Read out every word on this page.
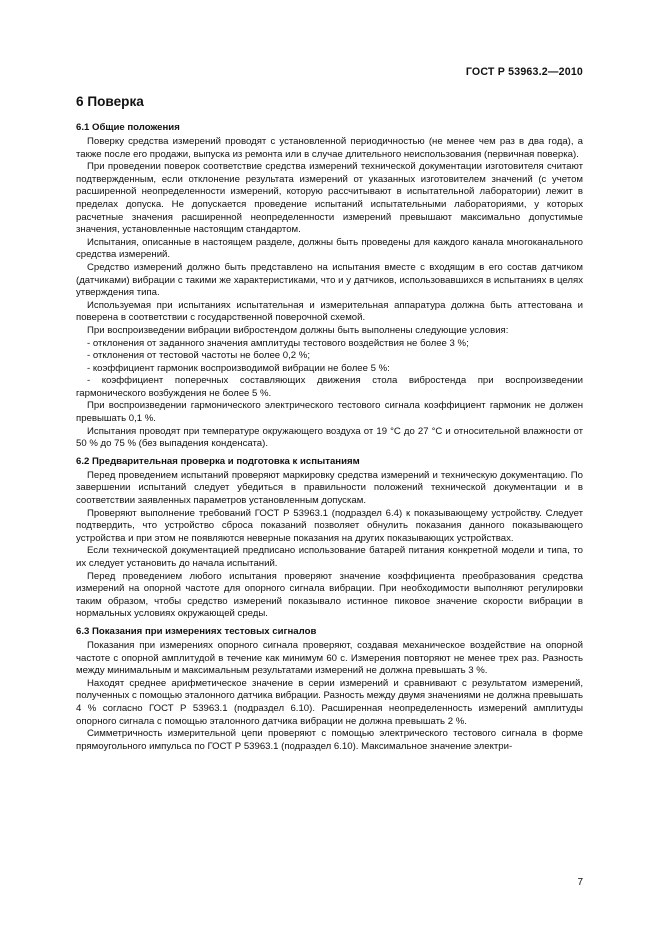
ГОСТ Р 53963.2—2010
6 Поверка
6.1 Общие положения

Поверку средства измерений проводят с установленной периодичностью (не менее чем раз в два года), а также после его продажи, выпуска из ремонта или в случае длительного неиспользования (первичная поверка).

При проведении поверок соответствие средства измерений технической документации изготовителя считают подтвержденным, если отклонение результата измерений от указанных изготовителем значений (с учетом расширенной неопределенности измерений, которую рассчитывают в испытательной лаборатории) лежит в пределах допуска. Не допускается проведение испытаний испытательными лабораториями, у которых расчетные значения расширенной неопределенности измерений превышают максимально допустимые значения, установленные настоящим стандартом.

Испытания, описанные в настоящем разделе, должны быть проведены для каждого канала многоканального средства измерений.

Средство измерений должно быть представлено на испытания вместе с входящим в его состав датчиком (датчиками) вибрации с такими же характеристиками, что и у датчиков, использовавшихся в испытаниях в целях утверждения типа.

Используемая при испытаниях испытательная и измерительная аппаратура должна быть аттестована и поверена в соответствии с государственной поверочной схемой.

При воспроизведении вибрации вибростендом должны быть выполнены следующие условия:

- отклонения от заданного значения амплитуды тестового воздействия не более 3 %;

- отклонения от тестовой частоты не более 0,2 %;

- коэффициент гармоник воспроизводимой вибрации не более 5 %:

- коэффициент поперечных составляющих движения стола вибростенда при воспроизведении гармонического возбуждения не более 5 %.

При воспроизведении гармонического электрического тестового сигнала коэффициент гармоник не должен превышать 0,1 %.

Испытания проводят при температуре окружающего воздуха от 19 °С до 27 °С и относительной влажности от 50 % до 75 % (без выпадения конденсата).

6.2 Предварительная проверка и подготовка к испытаниям

Перед проведением испытаний проверяют маркировку средства измерений и техническую документацию. По завершении испытаний следует убедиться в правильности положений технической документации и в соответствии заявленных параметров установленным допускам.

Проверяют выполнение требований ГОСТ Р 53963.1 (подраздел 6.4) к показывающему устройству. Следует подтвердить, что устройство сброса показаний позволяет обнулить показания данного показывающего устройства и при этом не появляются неверные показания на других показывающих устройствах.

Если технической документацией предписано использование батарей питания конкретной модели и типа, то их следует установить до начала испытаний.

Перед проведением любого испытания проверяют значение коэффициента преобразования средства измерений на опорной частоте для опорного сигнала вибрации. При необходимости выполняют регулировки таким образом, чтобы средство измерений показывало истинное пиковое значение скорости вибрации в нормальных условиях окружающей среды.

6.3 Показания при измерениях тестовых сигналов

Показания при измерениях опорного сигнала проверяют, создавая механическое воздействие на опорной частоте с опорной амплитудой в течение как минимум 60 с. Измерения повторяют не менее трех раз. Разность между минимальным и максимальным результатами измерений не должна превышать 3 %.

Находят среднее арифметическое значение в серии измерений и сравнивают с результатом измерений, полученных с помощью эталонного датчика вибрации. Разность между двумя значениями не должна превышать 4 % согласно ГОСТ Р 53963.1 (подраздел 6.10). Расширенная неопределенность измерений амплитуды опорного сигнала с помощью эталонного датчика вибрации не должна превышать 2 %.

Симметричность измерительной цепи проверяют с помощью электрического тестового сигнала в форме прямоугольного импульса по ГОСТ Р 53963.1 (подраздел 6.10). Максимальное значение электри-

7
